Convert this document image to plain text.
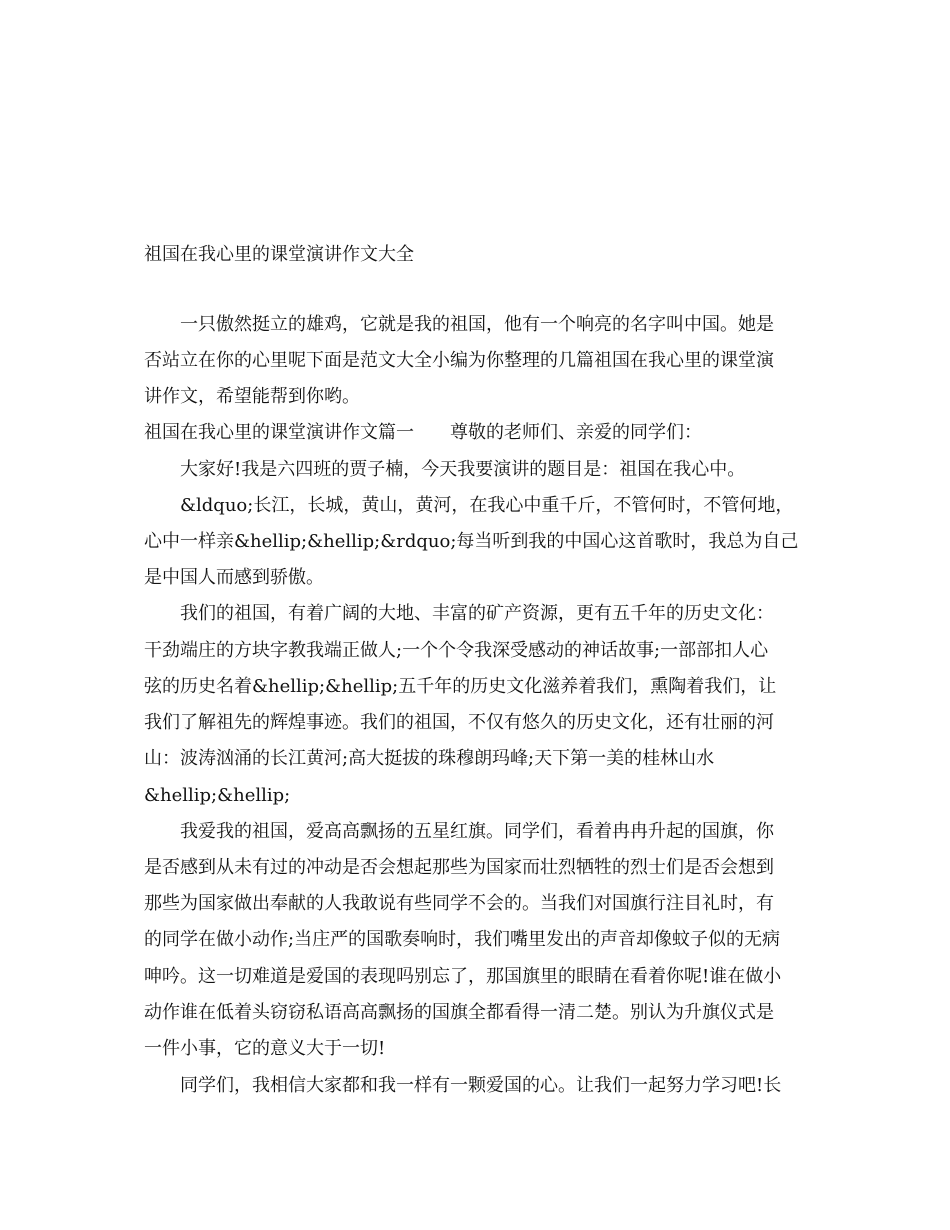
祖国在我心里的课堂演讲作文大全
一只傲然挺立的雄鸡，它就是我的祖国，他有一个响亮的名字叫中国。她是
否站立在你的心里呢下面是范文大全小编为你整理的几篇祖国在我心里的课堂演
讲作文，希望能帮到你哟。
祖国在我心里的课堂演讲作文篇一　　尊敬的老师们、亲爱的同学们：
大家好!我是六四班的贾子楠，今天我要演讲的题目是：祖国在我心中。
&ldquo;长江，长城，黄山，黄河，在我心中重千斤，不管何时，不管何地，
心中一样亲&hellip;&hellip;&rdquo;每当听到我的中国心这首歌时，我总为自己
是中国人而感到骄傲。
我们的祖国，有着广阔的大地、丰富的矿产资源，更有五千年的历史文化：
干劲端庄的方块字教我端正做人;一个个令我深受感动的神话故事;一部部扣人心
弦的历史名着&hellip;&hellip;五千年的历史文化滋养着我们，熏陶着我们，让
我们了解祖先的辉煌事迹。我们的祖国，不仅有悠久的历史文化，还有壮丽的河
山：波涛汹涌的长江黄河;高大挺拔的珠穆朗玛峰;天下第一美的桂林山水
&hellip;&hellip;
我爱我的祖国，爱高高飘扬的五星红旗。同学们，看着冉冉升起的国旗，你
是否感到从未有过的冲动是否会想起那些为国家而壮烈牺牲的烈士们是否会想到
那些为国家做出奉献的人我敢说有些同学不会的。当我们对国旗行注目礼时，有
的同学在做小动作;当庄严的国歌奏响时，我们嘴里发出的声音却像蚊子似的无病
呻吟。这一切难道是爱国的表现吗别忘了，那国旗里的眼睛在看着你呢!谁在做小
动作谁在低着头窃窃私语高高飘扬的国旗全都看得一清二楚。别认为升旗仪式是
一件小事，它的意义大于一切!
同学们，我相信大家都和我一样有一颗爱国的心。让我们一起努力学习吧!长
